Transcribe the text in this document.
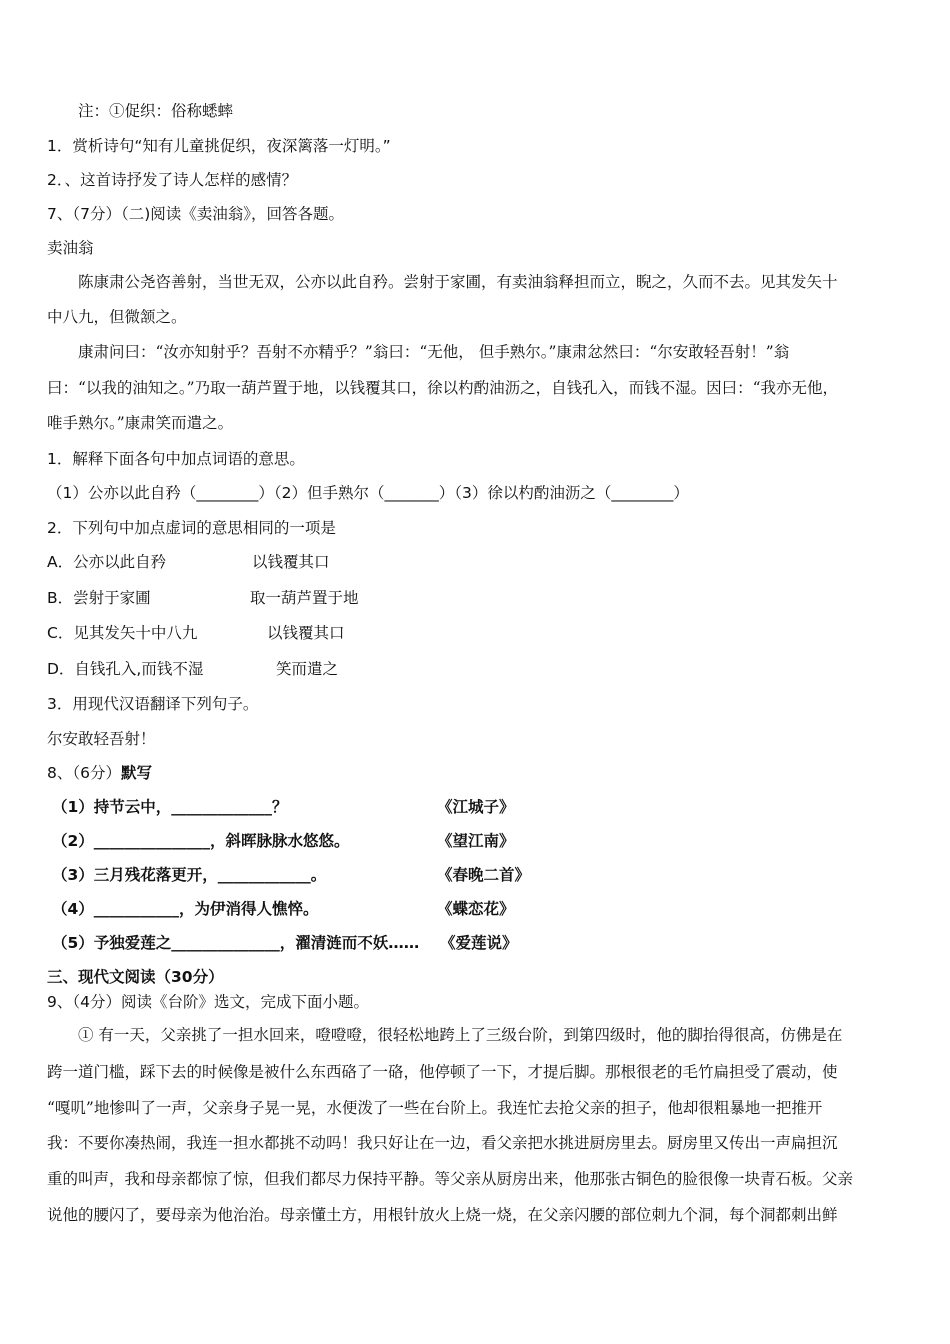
注：①促织：俗称蟋蟀
1．赏析诗句“知有儿童挑促织，夜深篱落一灯明。”
2．、这首诗抒发了诗人怎样的感情？
7、（7分）（二)阅读《卖油翁》，回答各题。
卖油翁
陈康肃公尧咨善射，当世无双，公亦以此自矜。尝射于家圃，有卖油翁释担而立，睨之，久而不去。见其发矢十
中八九，但微颔之。
康肃问曰：“汝亦知射乎？吾射不亦精乎？”翁曰：“无他， 但手熟尔。”康肃忿然曰：“尔安敢轻吾射！”翁
曰：“以我的油知之。”乃取一葫芦置于地，以钱覆其口，徐以杓酌油沥之，自钱孔入，而钱不湿。因曰：“我亦无他，
唯手熟尔。”康肃笑而遣之。
1．解释下面各句中加点词语的意思。
（1）公亦以此自矜（________）（2）但手熟尔（_______）（3）徐以杓酌油沥之（________）
2．下列句中加点虚词的意思相同的一项是
A．公亦以此自矜	以钱覆其口
B．尝射于家圃	取一葫芦置于地
C．见其发矢十中八九	以钱覆其口
D．自钱孔入,而钱不湿	笑而遣之
3．用现代汉语翻译下列句子。
尔安敢轻吾射！
8、（6分）默写
（1）持节云中，_____________？	《江城子》
（2）_______________，斜晖脉脉水悠悠。	《望江南》
（3）三月残花落更开，____________。	《春晚二首》
（4）___________，为伊消得人憔悴。	《蝶恋花》
（5）予独爱莲之______________，濯清涟而不妖…… 《爱莲说》
三、现代文阅读（30分）
9、（4分）阅读《台阶》选文，完成下面小题。
① 有一天，父亲挑了一担水回来，噔噔噔，很轻松地跨上了三级台阶，到第四级时，他的脚抬得很高，仿佛是在
跨一道门槛，踩下去的时候像是被什么东西硌了一硌，他停顿了一下，才提后脚。那根很老的毛竹扁担受了震动，使
“嘎叽”地惨叫了一声，父亲身子晃一晃，水便泼了一些在台阶上。我连忙去抢父亲的担子，他却很粗暴地一把推开
我：不要你凑热闹，我连一担水都挑不动吗！我只好让在一边，看父亲把水挑进厨房里去。厨房里又传出一声扁担沉
重的叫声，我和母亲都惊了惊，但我们都尽力保持平静。等父亲从厨房出来，他那张古铜色的脸很像一块青石板。父亲
说他的腰闪了，要母亲为他治治。母亲懂土方，用根针放火上烧一烧，在父亲闪腰的部位刺九个洞，每个洞都刺出鲜
